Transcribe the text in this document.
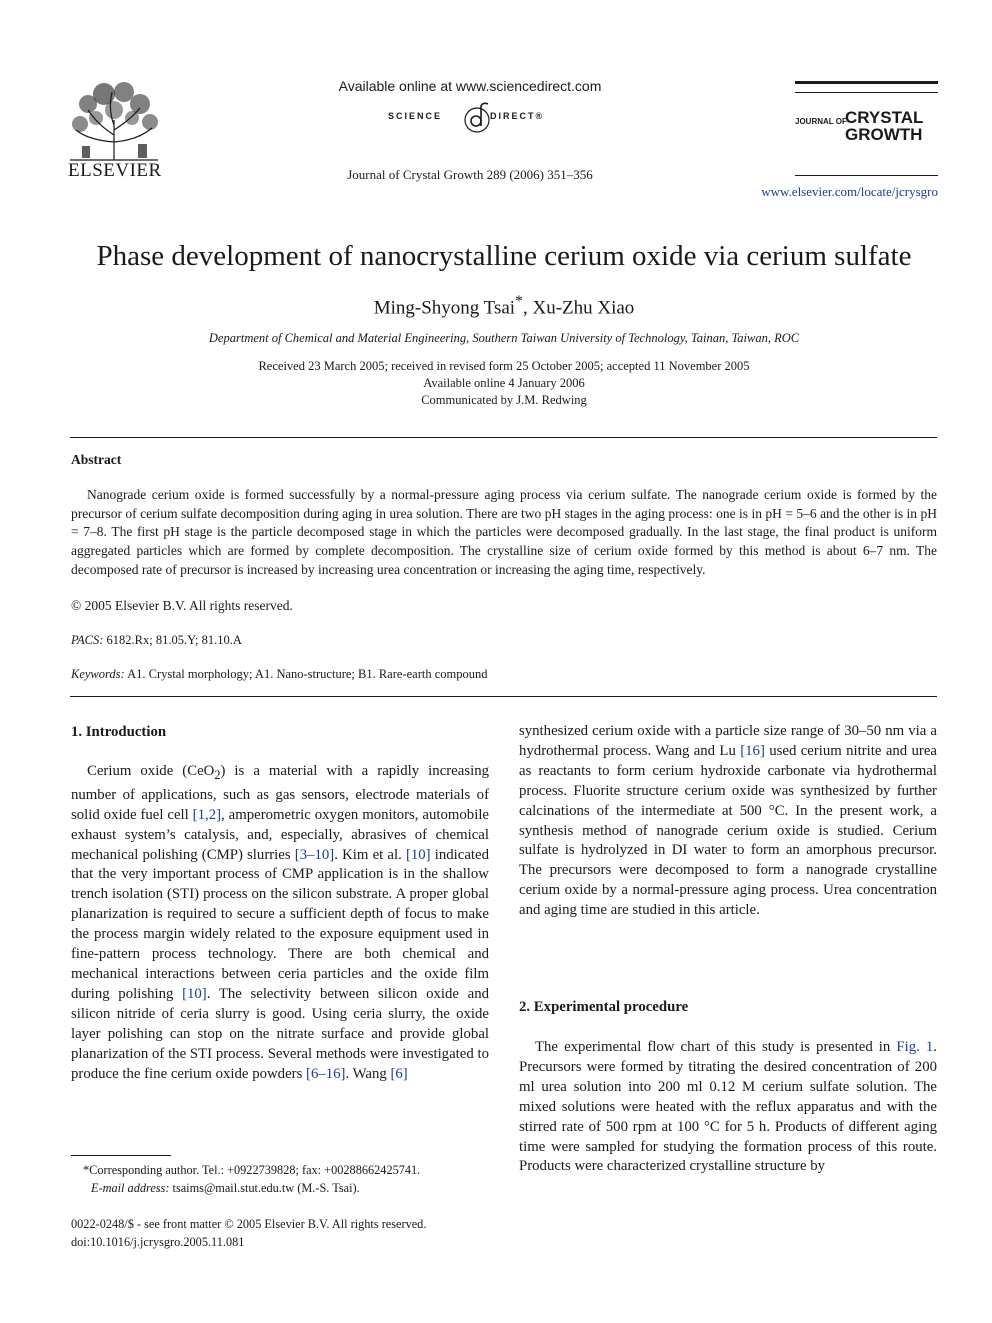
ELSEVIER
Available online at www.sciencedirect.com
SCIENCE	DIRECT®
Journal of Crystal Growth 289 (2006) 351–356
JOURNAL OF
CRYSTAL
GROWTH
www.elsevier.com/locate/jcrysgro
Phase development of nanocrystalline cerium oxide via cerium sulfate
Ming-Shyong Tsai*, Xu-Zhu Xiao
Department of Chemical and Material Engineering, Southern Taiwan University of Technology, Tainan, Taiwan, ROC
Received 23 March 2005; received in revised form 25 October 2005; accepted 11 November 2005
Available online 4 January 2006
Communicated by J.M. Redwing
Abstract
Nanograde cerium oxide is formed successfully by a normal-pressure aging process via cerium sulfate. The nanograde cerium oxide is formed by the precursor of cerium sulfate decomposition during aging in urea solution. There are two pH stages in the aging process: one is in pH = 5–6 and the other is in pH = 7–8. The first pH stage is the particle decomposed stage in which the particles were decomposed gradually. In the last stage, the final product is uniform aggregated particles which are formed by complete decomposition. The crystalline size of cerium oxide formed by this method is about 6–7 nm. The decomposed rate of precursor is increased by increasing urea concentration or increasing the aging time, respectively.
© 2005 Elsevier B.V. All rights reserved.
PACS: 6182.Rx; 81.05.Y; 81.10.A
Keywords: A1. Crystal morphology; A1. Nano-structure; B1. Rare-earth compound
1. Introduction
Cerium oxide (CeO$_2$) is a material with a rapidly increasing number of applications, such as gas sensors, electrode materials of solid oxide fuel cell [1,2], amperometric oxygen monitors, automobile exhaust system’s catalysis, and, especially, abrasives of chemical mechanical polishing (CMP) slurries [3–10]. Kim et al. [10] indicated that the very important process of CMP application is in the shallow trench isolation (STI) process on the silicon substrate. A proper global planarization is required to secure a sufficient depth of focus to make the process margin widely related to the exposure equipment used in fine-pattern process technology. There are both chemical and mechanical interactions between ceria particles and the oxide film during polishing [10]. The selectivity between silicon oxide and silicon nitride of ceria slurry is good. Using ceria slurry, the oxide layer polishing can stop on the nitrate surface and provide global planarization of the STI process. Several methods were investigated to produce the fine cerium oxide powders [6–16]. Wang [6]
synthesized cerium oxide with a particle size range of 30–50 nm via a hydrothermal process. Wang and Lu [16] used cerium nitrite and urea as reactants to form cerium hydroxide carbonate via hydrothermal process. Fluorite structure cerium oxide was synthesized by further calcinations of the intermediate at 500 °C. In the present work, a synthesis method of nanograde cerium oxide is studied. Cerium sulfate is hydrolyzed in DI water to form an amorphous precursor. The precursors were decomposed to form a nanograde crystalline cerium oxide by a normal-pressure aging process. Urea concentration and aging time are studied in this article.
2. Experimental procedure
The experimental flow chart of this study is presented in Fig. 1. Precursors were formed by titrating the desired concentration of 200 ml urea solution into 200 ml 0.12 M cerium sulfate solution. The mixed solutions were heated with the reflux apparatus and with the stirred rate of 500 rpm at 100 °C for 5 h. Products of different aging time were sampled for studying the formation process of this route. Products were characterized crystalline structure by
*Corresponding author. Tel.: +0922739828; fax: +00288662425741.
E-mail address: tsaims@mail.stut.edu.tw (M.-S. Tsai).
0022-0248/$ - see front matter © 2005 Elsevier B.V. All rights reserved.
doi:10.1016/j.jcrysgro.2005.11.081
